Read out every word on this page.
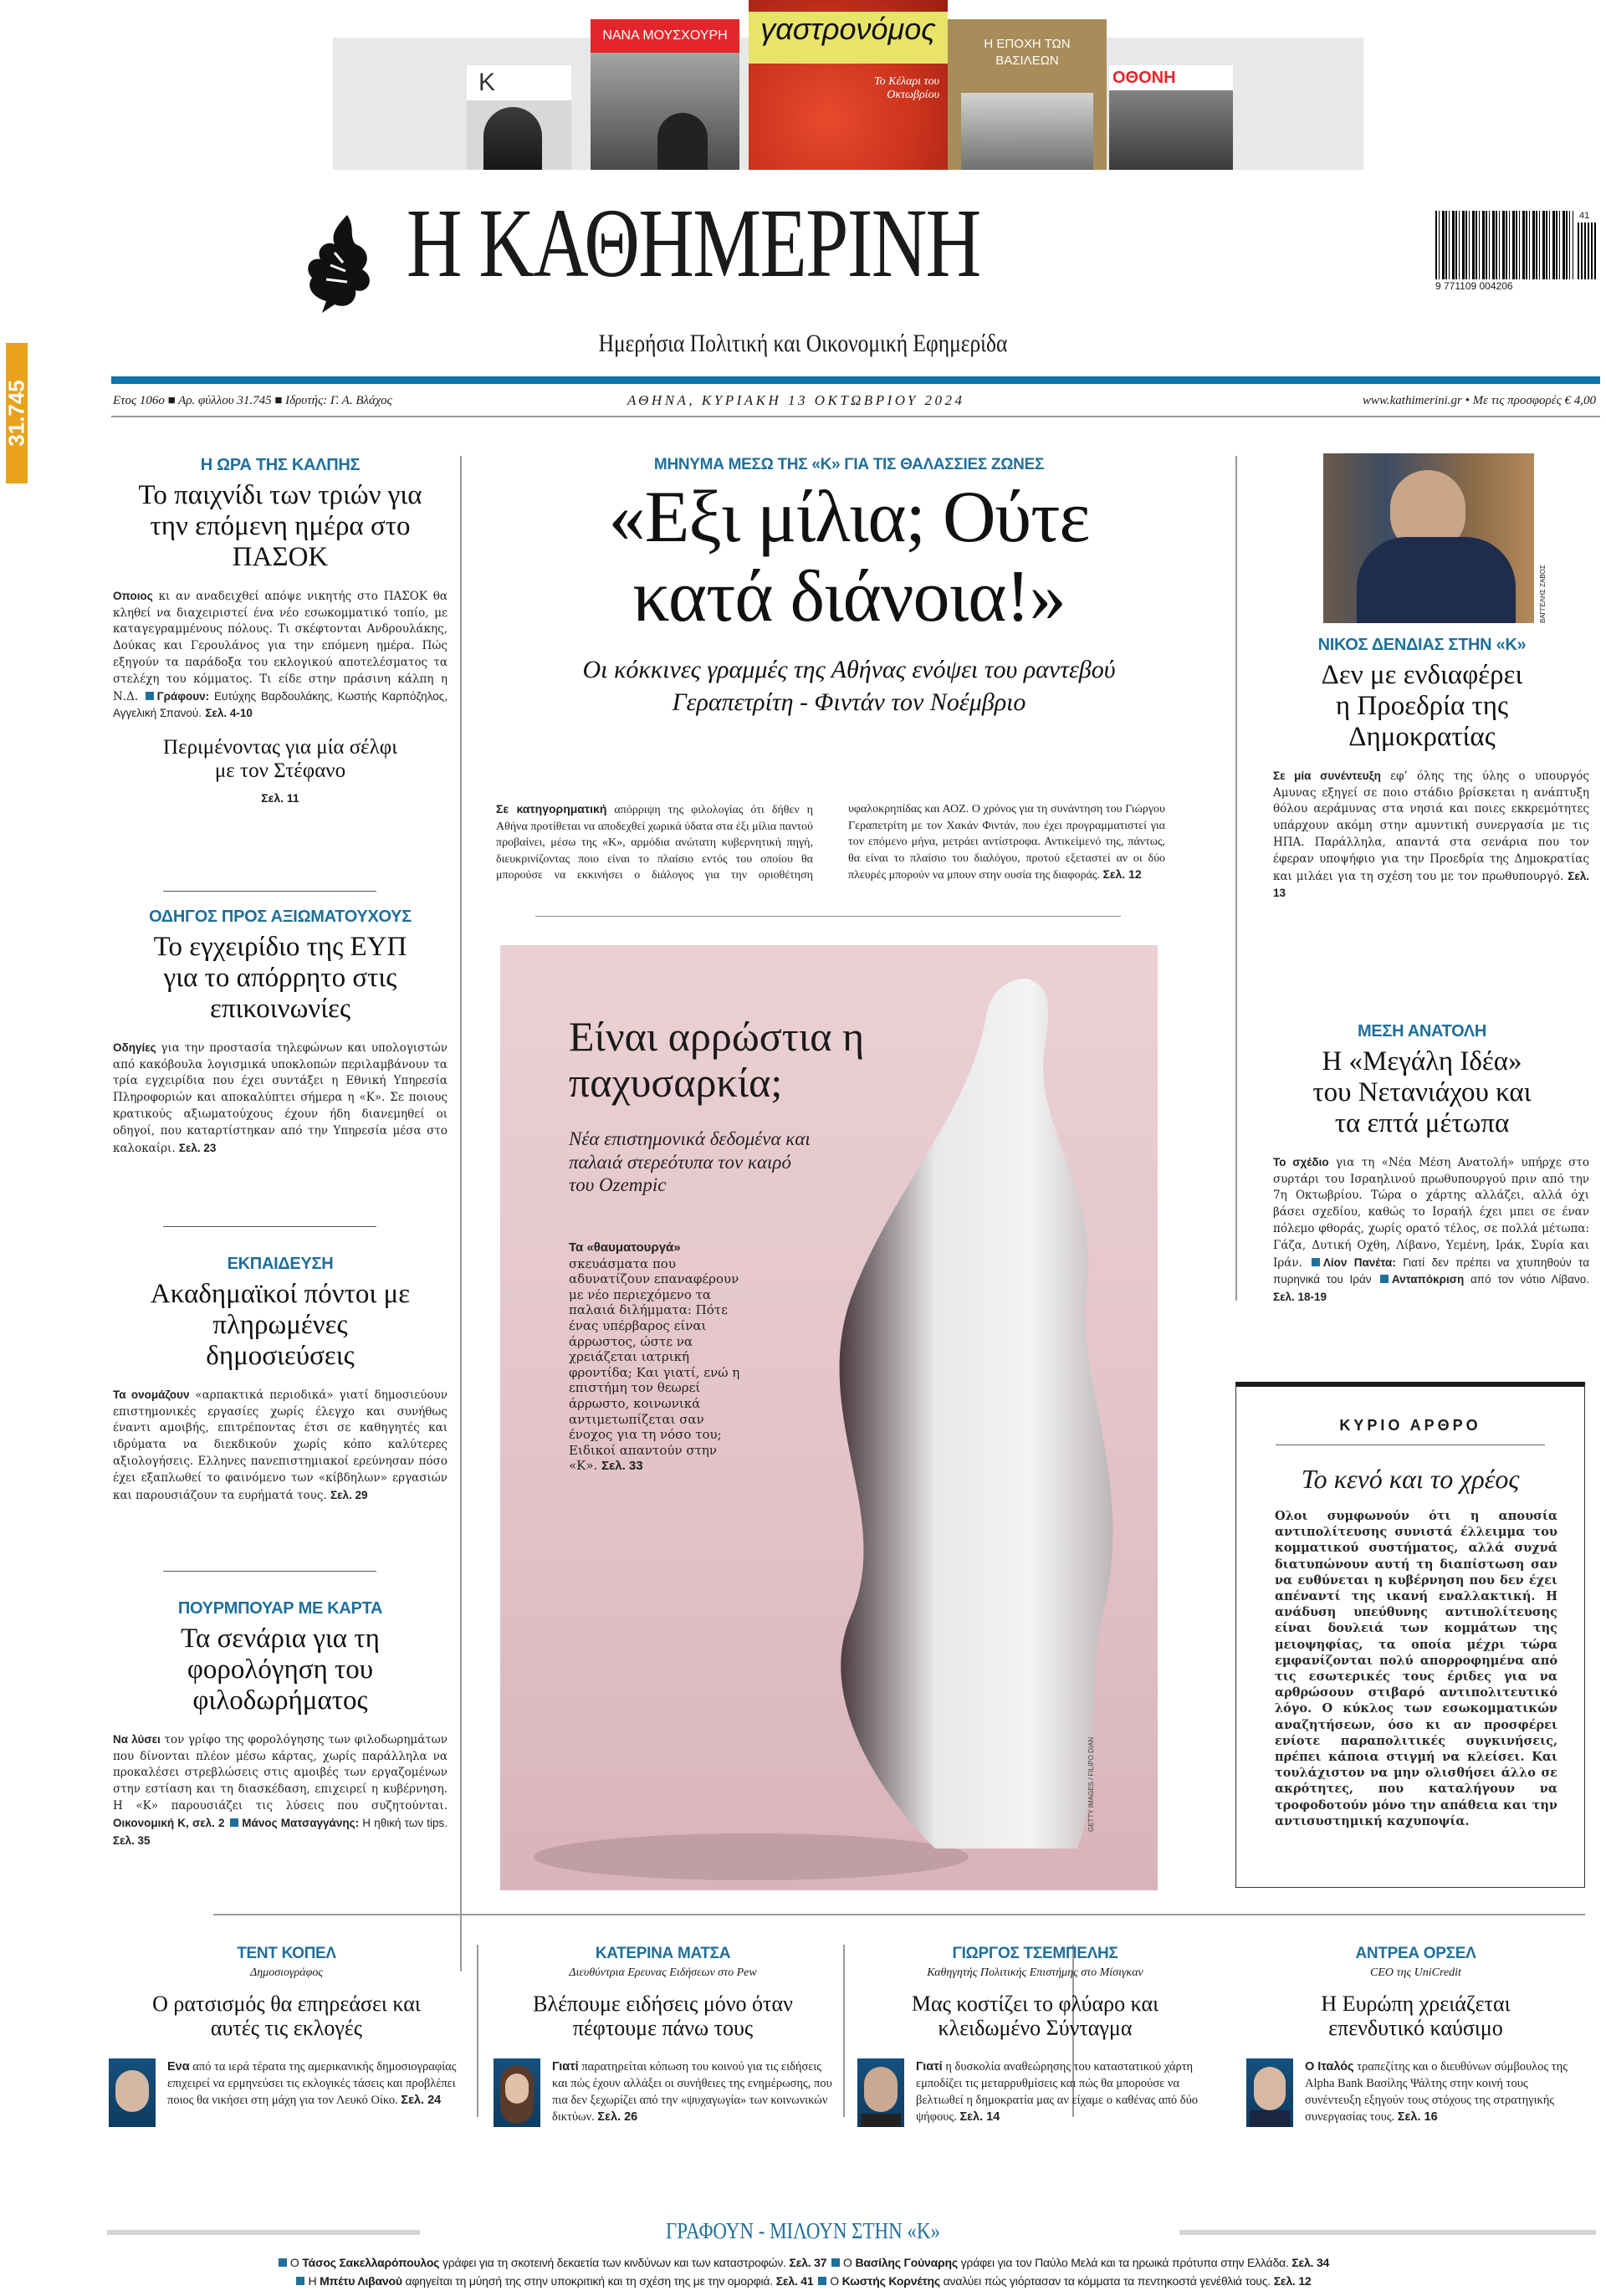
K
ΝΑΝΑ ΜΟΥΣΧΟΥΡΗ	γαστρονόμος
Το Κέλαρι του Οκτωβρίου
Η ΕΠΟΧΗ ΤΩΝ ΒΑΣΙΛΕΩΝ
ΟΘΟΝΗ
31.745
Η ΚΑΘΗΜΕΡΙΝΗ	9 771109 004206
41
Ημερήσια Πολιτική και Οικονομική Εφημερίδα
Ετος 106ο ■ Αρ. φύλλου 31.745 ■ Ιδρυτής: Γ. Α. Βλάχος	ΑΘΗΝΑ, ΚΥΡΙΑΚΗ 13 ΟΚΤΩΒΡΙΟΥ 2024	www.kathimerini.gr • Με τις προσφορές € 4,00
Η ΩΡΑ ΤΗΣ ΚΑΛΠΗΣ
Το παιχνίδι των τριών για την επόμενη ημέρα στο ΠΑΣΟΚ

Οποιος κι αν αναδειχθεί απόψε νικητής στο ΠΑΣΟΚ θα κληθεί να διαχειριστεί ένα νέο εσωκομματικό τοπίο, με καταγεγραμμένους πόλους. Τι σκέφτονται Ανδρουλάκης, Δούκας και Γερουλάνος για την επόμενη ημέρα. Πώς εξηγούν τα παράδοξα του εκλογικού αποτελέσματος τα στελέχη του κόμματος. Τι είδε στην πράσινη κάλπη η Ν.Δ. Γράφουν: Ευτύχης Βαρδουλάκης, Κωστής Καρπόζηλος, Αγγελική Σπανού. Σελ. 4-10

Περιμένοντας για μία σέλφι με τον Στέφανο
Σελ. 11
ΟΔΗΓΟΣ ΠΡΟΣ ΑΞΙΩΜΑΤΟΥΧΟΥΣ
Το εγχειρίδιο της ΕΥΠ για το απόρρητο στις επικοινωνίες

Οδηγίες για την προστασία τηλεφώνων και υπολογιστών από κακόβουλα λογισμικά υποκλοπών περιλαμβάνουν τα τρία εγχειρίδια που έχει συντάξει η Εθνική Υπηρεσία Πληροφοριών και αποκαλύπτει σήμερα η «Κ». Σε ποιους κρατικούς αξιωματούχους έχουν ήδη διανεμηθεί οι οδηγοί, που καταρτίστηκαν από την Υπηρεσία μέσα στο καλοκαίρι. Σελ. 23

ΕΚΠΑΙΔΕΥΣΗ
Ακαδημαϊκοί πόντοι με πληρωμένες δημοσιεύσεις

Τα ονομάζουν «αρπακτικά περιοδικά» γιατί δημοσιεύουν επιστημονικές εργασίες χωρίς έλεγχο και συνήθως έναντι αμοιβής, επιτρέποντας έτσι σε καθηγητές και ιδρύματα να διεκδικούν χωρίς κόπο καλύτερες αξιολογήσεις. Ελληνες πανεπιστημιακοί ερεύνησαν πόσο έχει εξαπλωθεί το φαινόμενο των «κίβδηλων» εργασιών και παρουσιάζουν τα ευρήματά τους. Σελ. 29

ΠΟΥΡΜΠΟΥΑΡ ΜΕ ΚΑΡΤΑ
Τα σενάρια για τη φορολόγηση του φιλοδωρήματος

Να λύσει τον γρίφο της φορολόγησης των φιλοδωρημάτων που δίνονται πλέον μέσω κάρτας, χωρίς παράλληλα να προκαλέσει στρεβλώσεις στις αμοιβές των εργαζομένων στην εστίαση και τη διασκέδαση, επιχειρεί η κυβέρνηση. Η «Κ» παρουσιάζει τις λύσεις που συζητούνται. Οικονομική Κ, σελ. 2 Μάνος Ματσαγγάνης: Η ηθική των tips. Σελ. 35

ΜΗΝΥΜΑ ΜΕΣΩ ΤΗΣ «Κ» ΓΙΑ ΤΙΣ ΘΑΛΑΣΣΙΕΣ ΖΩΝΕΣ
«Εξι μίλια; Ούτε κατά διάνοια!»
Οι κόκκινες γραμμές της Αθήνας ενόψει του ραντεβού Γεραπετρίτη - Φιντάν τον Νοέμβριο
Σε κατηγορηματική απόρριψη της φιλολογίας ότι δήθεν η Αθήνα προτίθεται να αποδεχθεί χωρικά ύδατα στα έξι μίλια παντού προβαίνει, μέσω της «Κ», αρμόδια ανώτατη κυβερνητική πηγή, διευκρινίζοντας ποιο είναι το πλαίσιο εντός του οποίου θα μπορούσε να εκκινήσει ο διάλογος για την οριοθέτηση υφαλοκρηπίδας και ΑΟΖ. Ο χρόνος για τη συνάντηση του Γιώργου Γεραπετρίτη με τον Χακάν Φιντάν, που έχει προγραμματιστεί για τον επόμενο μήνα, μετράει αντίστροφα. Αντικείμενό της, πάντως, θα είναι το πλαίσιο του διαλόγου, προτού εξεταστεί αν οι δύο πλευρές μπορούν να μπουν στην ουσία της διαφοράς. Σελ. 12
Είναι αρρώστια η παχυσαρκία;
Νέα επιστημονικά δεδομένα και παλαιά στερεότυπα τον καιρό του Ozempic

Τα «θαυματουργά» σκευάσματα που αδυνατίζουν επαναφέρουν με νέο περιεχόμενο τα παλαιά διλήμματα: Πότε ένας υπέρβαρος είναι άρρωστος, ώστε να χρειάζεται ιατρική φροντίδα; Και γιατί, ενώ η επιστήμη τον θεωρεί άρρωστο, κοινωνικά αντιμετωπίζεται σαν ένοχος για τη νόσο του; Ειδικοί απαντούν στην «Κ». Σελ. 33

GETTY IMAGES / FILIPO DIAN
ΒΑΓΓΕΛΗΣ ΖΑΒΟΣ
ΝΙΚΟΣ ΔΕΝΔΙΑΣ ΣΤΗΝ «Κ»
Δεν με ενδιαφέρει η Προεδρία της Δημοκρατίας

Σε μία συνέντευξη εφ’ όλης της ύλης ο υπουργός Αμυνας εξηγεί σε ποιο στάδιο βρίσκεται η ανάπτυξη θόλου αεράμυνας στα νησιά και ποιες εκκρεμότητες υπάρχουν ακόμη στην αμυντική συνεργασία με τις ΗΠΑ. Παράλληλα, απαντά στα σενάρια που τον έφεραν υποψήφιο για την Προεδρία της Δημοκρατίας και μιλάει για τη σχέση του με τον πρωθυπουργό. Σελ. 13

ΜΕΣΗ ΑΝΑΤΟΛΗ
Η «Μεγάλη Ιδέα» του Νετανιάχου και τα επτά μέτωπα

Το σχέδιο για τη «Νέα Μέση Ανατολή» υπήρχε στο συρτάρι του Ισραηλινού πρωθυπουργού πριν από την 7η Οκτωβρίου. Τώρα ο χάρτης αλλάζει, αλλά όχι βάσει σχεδίου, καθώς το Ισραήλ έχει μπει σε έναν πόλεμο φθοράς, χωρίς ορατό τέλος, σε πολλά μέτωπα: Γάζα, Δυτική Οχθη, Λίβανο, Υεμένη, Ιράκ, Συρία και Ιράν. Λίον Πανέτα: Γιατί δεν πρέπει να χτυπηθούν τα πυρηνικά του Ιράν Ανταπόκριση από τον νότιο Λίβανο. Σελ. 18-19

ΚΥΡΙΟ ΑΡΘΡΟ
Το κενό και το χρέος

Ολοι συμφωνούν ότι η απουσία αντιπολίτευσης συνιστά έλλειμμα του κομματικού συστήματος, αλλά συχνά διατυπώνουν αυτή τη διαπίστωση σαν να ευθύνεται η κυβέρνηση που δεν έχει απέναντί της ικανή εναλλακτική. Η ανάδυση υπεύθυνης αντιπολίτευσης είναι δουλειά των κομμάτων της μειοψηφίας, τα οποία μέχρι τώρα εμφανίζονται πολύ απορροφημένα από τις εσωτερικές τους έριδες για να αρθρώσουν στιβαρό αντιπολιτευτικό λόγο. Ο κύκλος των εσωκομματικών αναζητήσεων, όσο κι αν προσφέρει ενίοτε παραπολιτικές συγκινήσεις, πρέπει κάποια στιγμή να κλείσει. Και τουλάχιστον να μην ολισθήσει άλλο σε ακρότητες, που καταλήγουν να τροφοδοτούν μόνο την απάθεια και την αντισυστημική καχυποψία.

ΤΕΝΤ ΚΟΠΕΛ
Δημοσιογράφος
Ο ρατσισμός θα επηρεάσει και αυτές τις εκλογές

Ενα από τα ιερά τέρατα της αμερικανικής δημοσιογραφίας επιχειρεί να ερμηνεύσει τις εκλογικές τάσεις και προβλέπει ποιος θα νικήσει στη μάχη για τον Λευκό Οίκο. Σελ. 24

ΚΑΤΕΡΙΝΑ ΜΑΤΣΑ
Διευθύντρια Ερευνας Ειδήσεων στο Pew
Βλέπουμε ειδήσεις μόνο όταν πέφτουμε πάνω τους

Γιατί παρατηρείται κόπωση του κοινού για τις ειδήσεις και πώς έχουν αλλάξει οι συνήθειες της ενημέρωσης, που πια δεν ξεχωρίζει από την «ψυχαγωγία» των κοινωνικών δικτύων. Σελ. 26

ΓΙΩΡΓΟΣ ΤΣΕΜΠΕΛΗΣ
Καθηγητής Πολιτικής Επιστήμης στο Μίσιγκαν
Μας κοστίζει το φλύαρο και κλειδωμένο Σύνταγμα

Γιατί η δυσκολία αναθεώρησης του καταστατικού χάρτη εμποδίζει τις μεταρρυθμίσεις και πώς θα μπορούσε να βελτιωθεί η δημοκρατία μας αν είχαμε ο καθένας από δύο ψήφους. Σελ. 14

ΑΝΤΡΕΑ ΟΡΣΕΛ
CEO της UniCredit
Η Ευρώπη χρειάζεται επενδυτικό καύσιμο

Ο Ιταλός τραπεζίτης και ο διευθύνων σύμβουλος της Alpha Bank Βασίλης Ψάλτης στην κοινή τους συνέντευξη εξηγούν τους στόχους της στρατηγικής συνεργασίας τους. Σελ. 16

ΓΡΑΦΟΥΝ - ΜΙΛΟΥΝ ΣΤΗΝ «Κ»
Ο Τάσος Σακελλαρόπουλος γράφει για τη σκοτεινή δεκαετία των κινδύνων και των καταστροφών. Σελ. 37 Ο Βασίλης Γούναρης γράφει για τον Παύλο Μελά και τα ηρωικά πρότυπα στην Ελλάδα. Σελ. 34
Η Μπέτυ Λιβανού αφηγείται τη μύησή της στην υποκριτική και τη σχέση της με την ομορφιά. Σελ. 41 Ο Κωστής Κορνέτης αναλύει πώς γιόρτασαν τα κόμματα τα πεντηκοστά γενέθλιά τους. Σελ. 12
